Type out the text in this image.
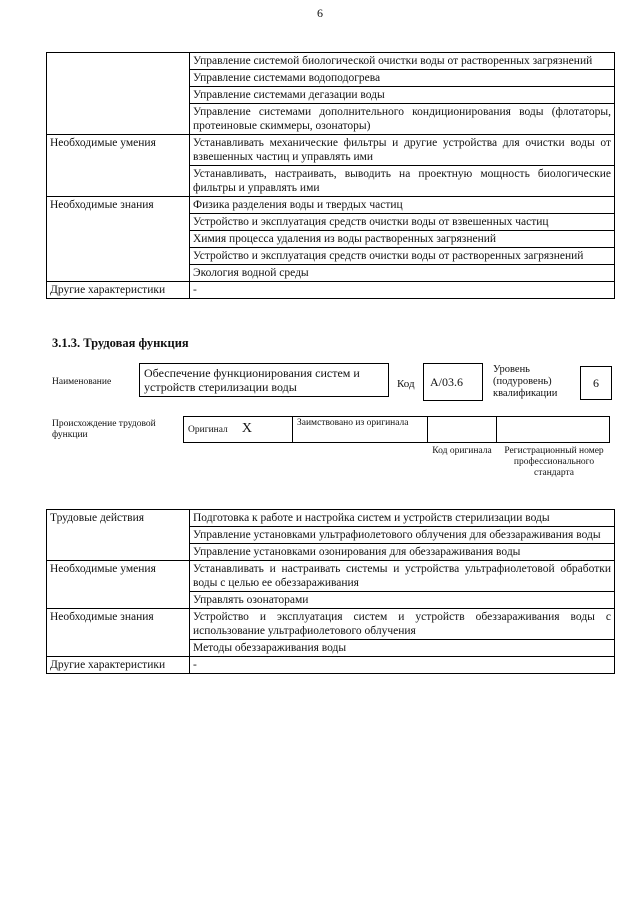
6
	Управление системой биологической очистки воды от растворенных загрязнений
	Управление системами водоподогрева
	Управление системами дегазации воды
	Управление системами дополнительного кондиционирования воды (флотаторы, протеиновые скиммеры, озонаторы)
Необходимые умения	Устанавливать механические фильтры и другие устройства для очистки воды от взвешенных частиц и управлять ими
	Устанавливать, настраивать, выводить на проектную мощность биологические фильтры и управлять ими
Необходимые знания	Физика разделения воды и твердых частиц
	Устройство и эксплуатация средств очистки воды от взвешенных частиц
	Химия процесса удаления из воды растворенных загрязнений
	Устройство и эксплуатация средств очистки воды от растворенных загрязнений
	Экология водной среды
Другие характеристики	-
3.1.3. Трудовая функция
Наименование
Обеспечение функционирования систем и устройств стерилизации воды	Код	A/03.6
Уровень (подуровень) квалификации
6
Происхождение трудовой функции	Оригинал X	Заимствовано из оригинала		
Код оригинала	Регистрационный номер профессионального стандарта
Трудовые действия	Подготовка к работе и настройка систем и устройств стерилизации воды
	Управление установками ультрафиолетового облучения для обеззараживания воды
	Управление установками озонирования для обеззараживания воды
Необходимые умения	Устанавливать и настраивать системы и устройства ультрафиолетовой обработки воды с целью ее обеззараживания
	Управлять озонаторами
Необходимые знания	Устройство и эксплуатация систем и устройств обеззараживания воды с использование ультрафиолетового облучения
	Методы обеззараживания воды
Другие характеристики	-
